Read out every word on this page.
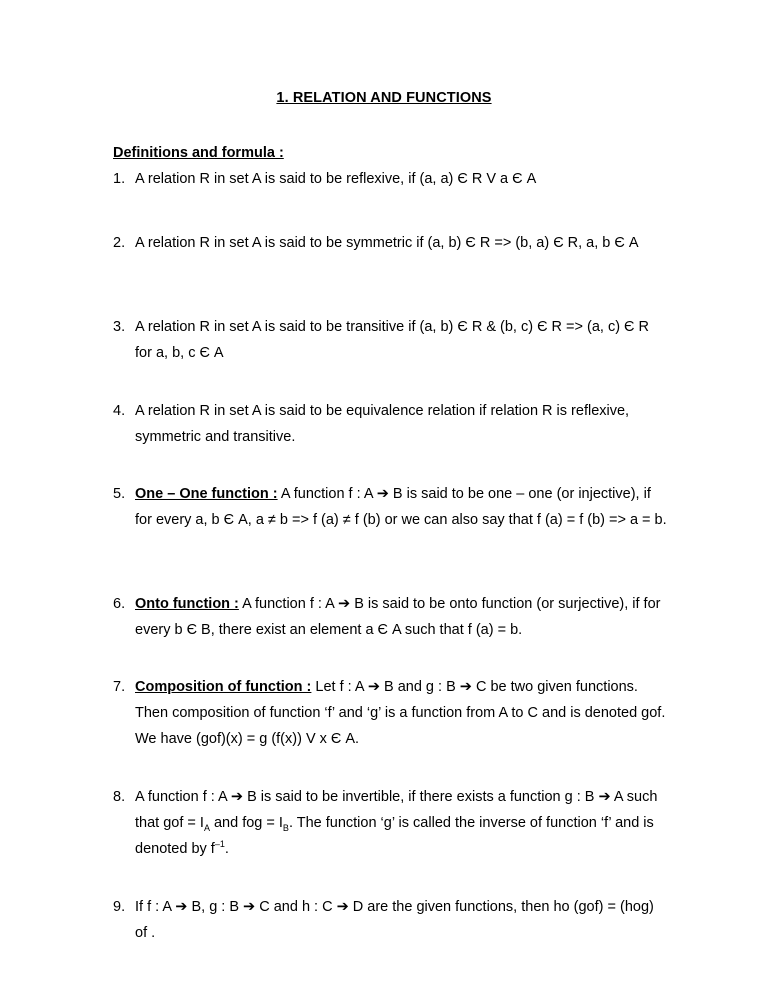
1. RELATION AND FUNCTIONS
Definitions and formula :
1. A relation R in set A is said to be reflexive, if (a, a) Є R V a Є A
2. A relation R in set A is said to be symmetric if (a, b) Є R => (b, a) Є R, a, b Є A
3. A relation R in set A is said to be transitive if (a, b) Є R & (b, c) Є R => (a, c) Є R for a, b, c Є A
4. A relation R in set A is said to be equivalence relation if relation R is reflexive, symmetric and transitive.
5. One – One function : A function f : A ➔ B is said to be one – one (or injective), if for every a, b Є A, a ≠ b => f (a) ≠ f (b) or we can also say that f (a) = f (b) => a = b.
6. Onto function : A function f : A ➔ B is said to be onto function (or surjective), if for every b Є B, there exist an element a Є A such that f (a) = b.
7. Composition of function : Let f : A ➔ B and g : B ➔ C be two given functions. Then composition of function ‘f’ and ‘g’ is a function from A to C and is denoted gof. We have (gof)(x) = g (f(x)) V x Є A.
8. A function f : A ➔ B is said to be invertible, if there exists a function g : B ➔ A such that gof = $I_A$ and fog = $I_B$. The function ‘g’ is called the inverse of function ‘f’ and is denoted by $f^{-1}$.
9. If f : A ➔ B, g : B ➔ C and h : C ➔ D are the given functions, then ho (gof) = (hog) of .
